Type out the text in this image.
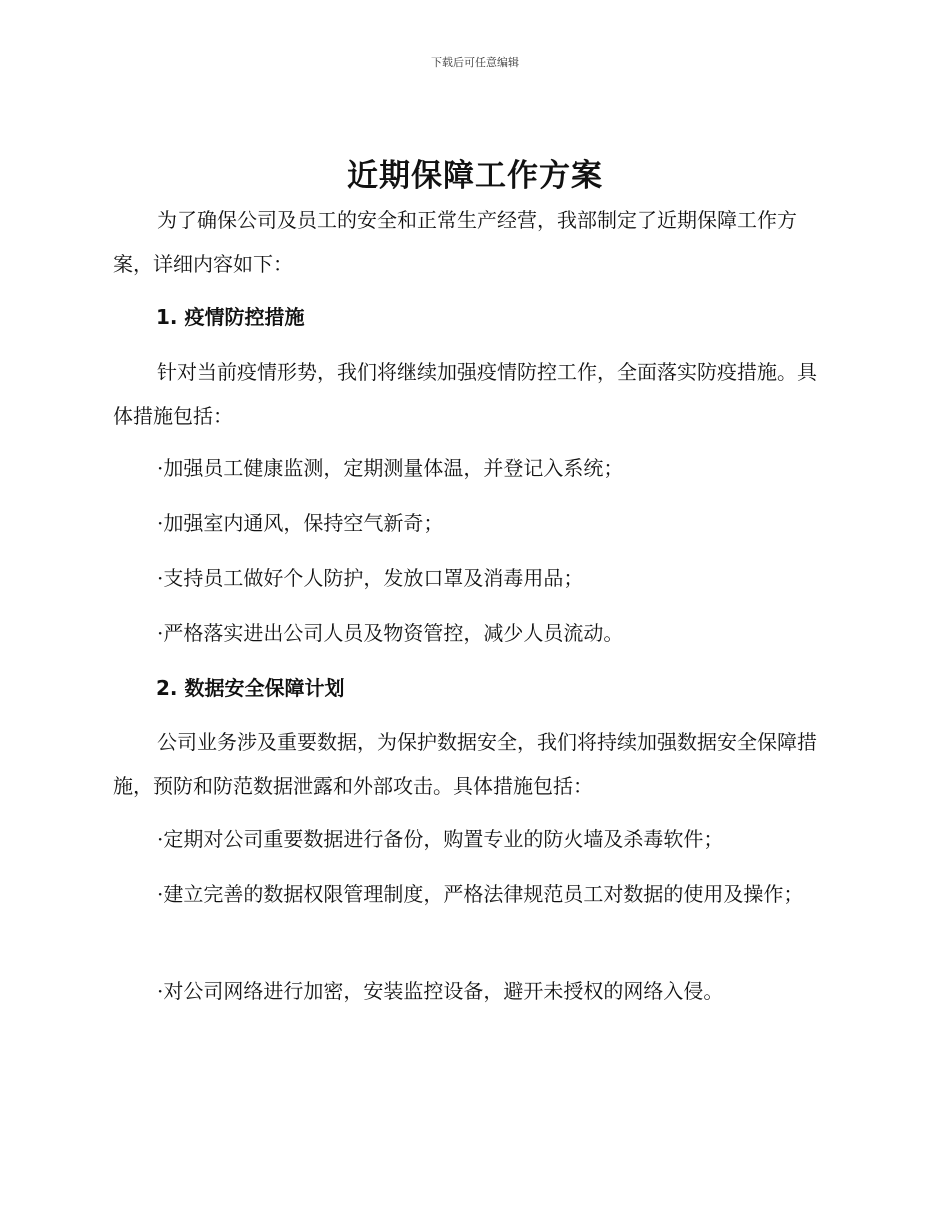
下载后可任意编辑
近期保障工作方案

为了确保公司及员工的安全和正常生产经营，我部制定了近期保障工作方案，详细内容如下：

1. 疫情防控措施

针对当前疫情形势，我们将继续加强疫情防控工作，全面落实防疫措施。具体措施包括：

·加强员工健康监测，定期测量体温，并登记入系统；

·加强室内通风，保持空气新奇；

·支持员工做好个人防护，发放口罩及消毒用品；

·严格落实进出公司人员及物资管控，减少人员流动。

2. 数据安全保障计划

公司业务涉及重要数据，为保护数据安全，我们将持续加强数据安全保障措施，预防和防范数据泄露和外部攻击。具体措施包括：

·定期对公司重要数据进行备份，购置专业的防火墙及杀毒软件；

·建立完善的数据权限管理制度，严格法律规范员工对数据的使用及操作；

·对公司网络进行加密，安装监控设备，避开未授权的网络入侵。
